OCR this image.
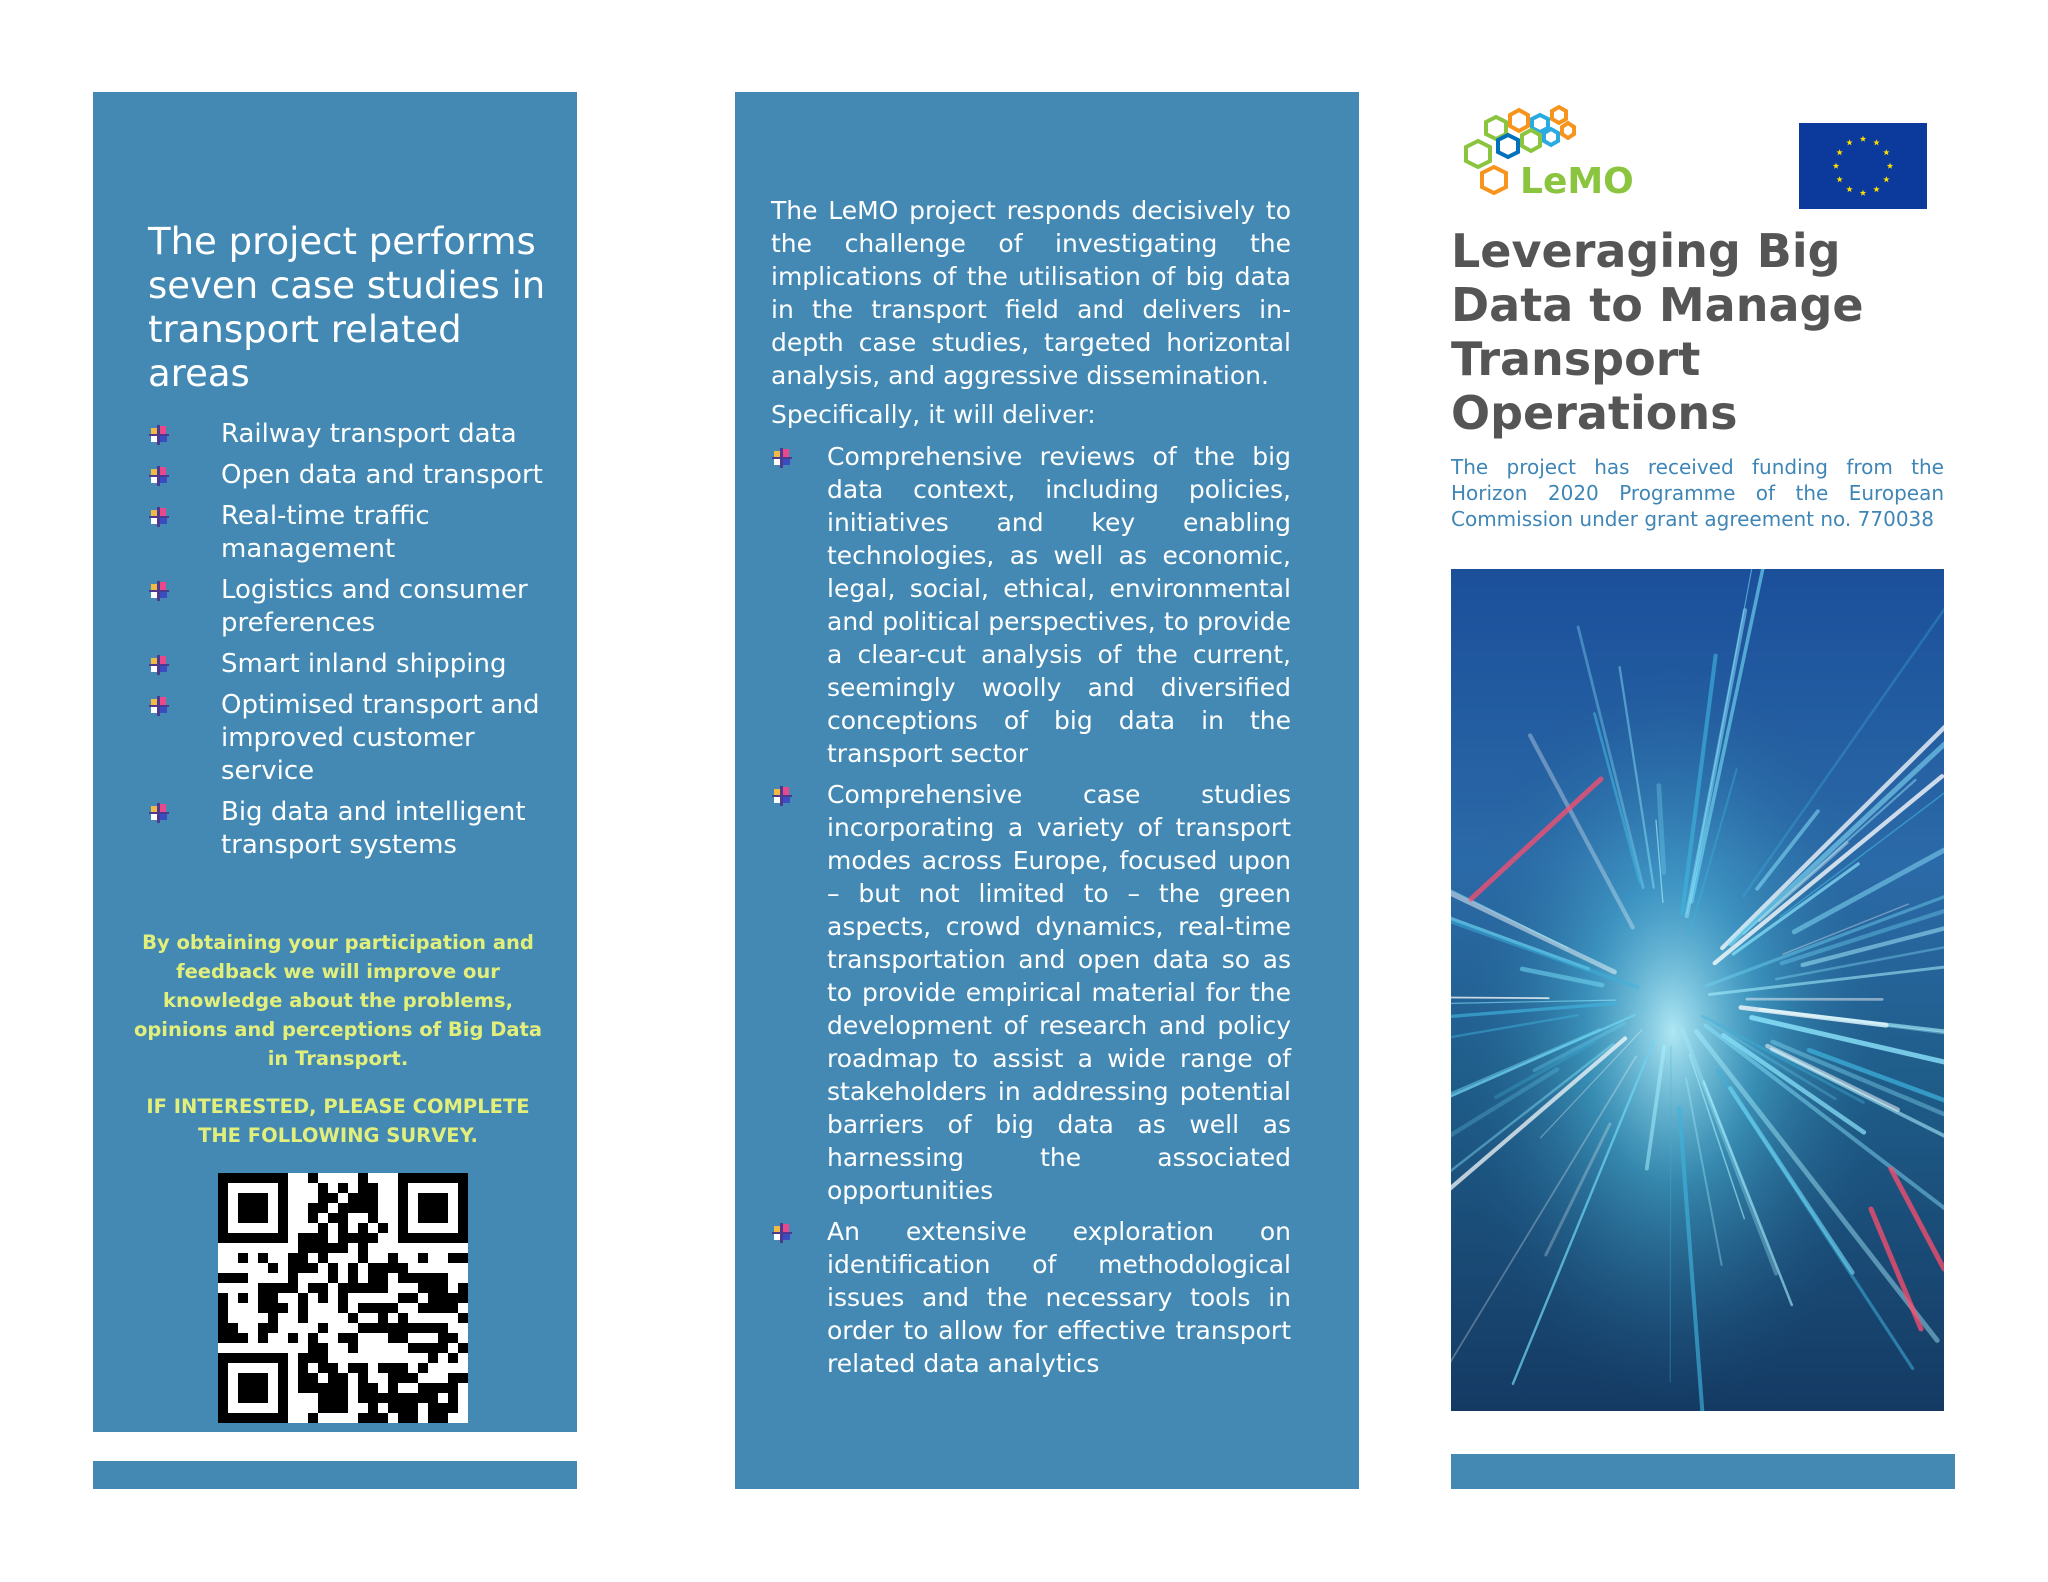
The project performs seven case studies in transport related areas
Railway transport data
Open data and transport
Real-time traffic management
Logistics and consumer preferences
Smart inland shipping
Optimised transport and improved customer service
Big data and intelligent transport systems

By obtaining your participation and feedback we will improve our knowledge about the problems, opinions and perceptions of Big Data in Transport.

IF INTERESTED, PLEASE COMPLETE THE FOLLOWING SURVEY.

The LeMO project responds decisively to the challenge of investigating the implications of the utilisation of big data in the transport field and delivers in-depth case studies, targeted horizontal analysis, and aggressive dissemination.

Specifically, it will deliver:

Comprehensive reviews of the big data context, including policies, initiatives and key enabling technologies, as well as economic, legal, social, ethical, environmental and political perspectives, to provide a clear-cut analysis of the current, seemingly woolly and diversified conceptions of big data in the transport sector
Comprehensive case studies incorporating a variety of transport modes across Europe, focused upon – but not limited to – the green aspects, crowd dynamics, real-time transportation and open data so as to provide empirical material for the development of research and policy roadmap to assist a wide range of stakeholders in addressing potential barriers of big data as well as harnessing the associated opportunities
An extensive exploration on identification of methodological issues and the necessary tools in order to allow for effective transport related data analytics
LeMO
Leveraging Big Data to Manage Transport Operations

The project has received funding from the Horizon 2020 Programme of the European Commission under grant agreement no. 770038
